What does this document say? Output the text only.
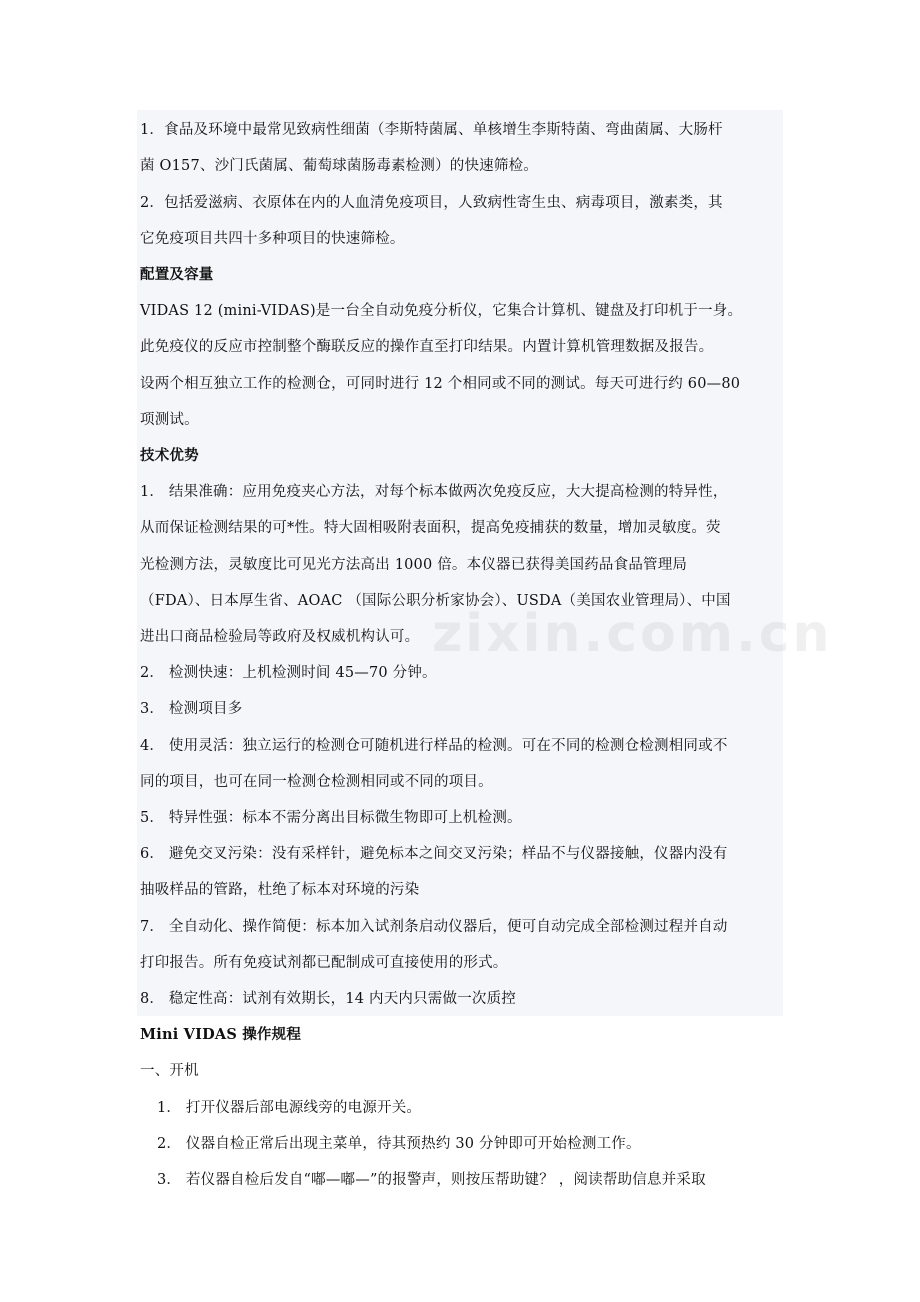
zixin.com.cn
1．食品及环境中最常见致病性细菌（李斯特菌属、单核增生李斯特菌、弯曲菌属、大肠杆
菌 O157、沙门氏菌属、葡萄球菌肠毒素检测）的快速筛检。
2．包括爱滋病、衣原体在内的人血清免疫项目，人致病性寄生虫、病毒项目，激素类，其
它免疫项目共四十多种项目的快速筛检。
配置及容量
VIDAS 12 (mini-VIDAS)是一台全自动免疫分析仪，它集合计算机、键盘及打印机于一身。
此免疫仪的反应市控制整个酶联反应的操作直至打印结果。内置计算机管理数据及报告。
设两个相互独立工作的检测仓，可同时进行 12 个相同或不同的测试。每天可进行约 60—80
项测试。
技术优势
1． 结果准确：应用免疫夹心方法，对每个标本做两次免疫反应，大大提高检测的特异性，
从而保证检测结果的可*性。特大固相吸附表面积，提高免疫捕获的数量，增加灵敏度。荧
光检测方法，灵敏度比可见光方法高出 1000 倍。本仪器已获得美国药品食品管理局
（FDA）、日本厚生省、AOAC （国际公职分析家协会）、USDA（美国农业管理局）、中国
进出口商品检验局等政府及权威机构认可。
2． 检测快速：上机检测时间 45—70 分钟。
3． 检测项目多
4． 使用灵活：独立运行的检测仓可随机进行样品的检测。可在不同的检测仓检测相同或不
同的项目，也可在同一检测仓检测相同或不同的项目。
5． 特异性强：标本不需分离出目标微生物即可上机检测。
6． 避免交叉污染：没有采样针，避免标本之间交叉污染；样品不与仪器接触，仪器内没有
抽吸样品的管路，杜绝了标本对环境的污染
7． 全自动化、操作简便：标本加入试剂条启动仪器后，便可自动完成全部检测过程并自动
打印报告。所有免疫试剂都已配制成可直接使用的形式。
8． 稳定性高：试剂有效期长，14 内天内只需做一次质控
Mini VIDAS 操作规程
一、开机
1． 打开仪器后部电源线旁的电源开关。
2． 仪器自检正常后出现主菜单，待其预热约 30 分钟即可开始检测工作。
3． 若仪器自检后发自“嘟—嘟—”的报警声，则按压帮助键？ ，阅读帮助信息并采取
